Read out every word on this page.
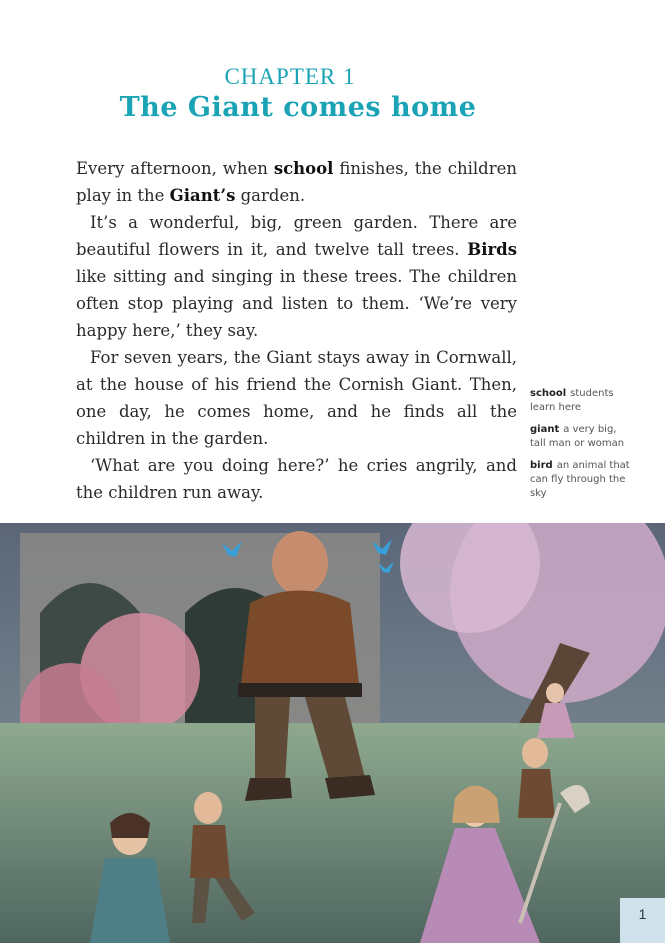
CHAPTER 1
The Giant comes home

Every afternoon, when school finishes, the children play in the Giant’s garden.

It’s a wonderful, big, green garden. There are beautiful flowers in it, and twelve tall trees. Birds like sitting and singing in these trees. The children often stop playing and listen to them. ‘We’re very happy here,’ they say.

For seven years, the Giant stays away in Cornwall, at the house of his friend the Cornish Giant. Then, one day, he comes home, and he finds all the children in the garden.

‘What are you doing here?’ he cries angrily, and the children run away.

school students learn here
giant a very big, tall man or woman
bird an animal that can fly through the sky
1
